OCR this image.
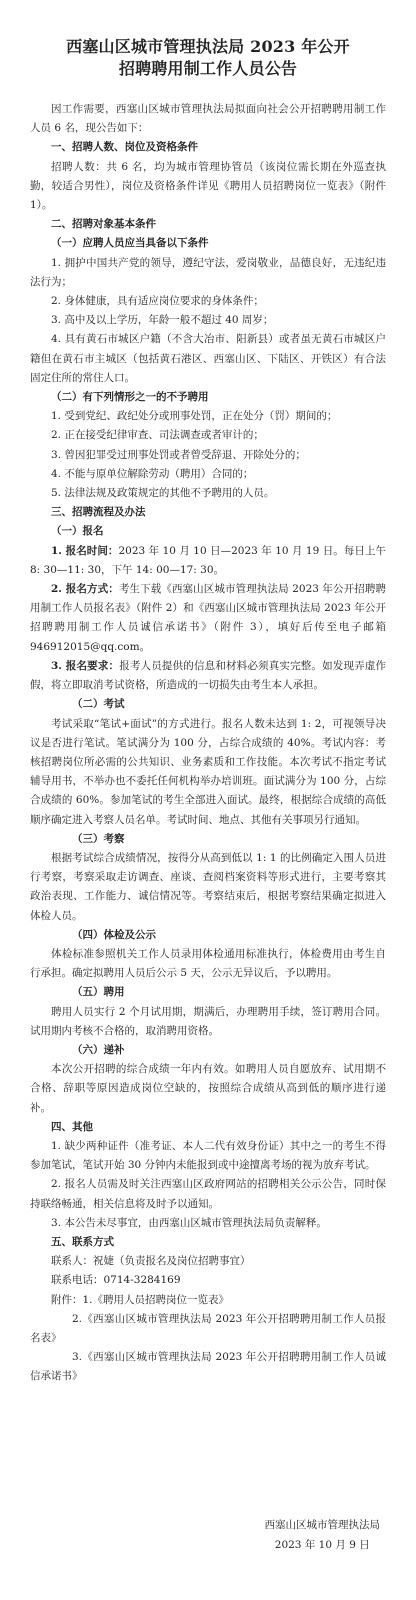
西塞山区城市管理执法局 2023 年公开
招聘聘用制工作人员公告

因工作需要，西塞山区城市管理执法局拟面向社会公开招聘聘用制工作人员 6 名，现公告如下：

一、招聘人数、岗位及资格条件

招聘人数：共 6 名，均为城市管理协管员（该岗位需长期在外巡查执勤，较适合男性），岗位及资格条件详见《聘用人员招聘岗位一览表》（附件 1）。

二、招聘对象基本条件

（一）应聘人员应当具备以下条件

1. 拥护中国共产党的领导，遵纪守法，爱岗敬业，品德良好，无违纪违法行为；

2. 身体健康，具有适应岗位要求的身体条件；

3. 高中及以上学历，年龄一般不超过 40 周岁；

4. 具有黄石市城区户籍（不含大冶市、阳新县）或者虽无黄石市城区户籍但在黄石市主城区（包括黄石港区、西塞山区、下陆区、开铁区）有合法固定住所的常住人口。

（二）有下列情形之一的不予聘用

1. 受到党纪、政纪处分或刑事处罚，正在处分（罚）期间的；

2. 正在接受纪律审查、司法调查或者审计的；

3. 曾因犯罪受过刑事处罚或者曾受辞退、开除处分的；

4. 不能与原单位解除劳动（聘用）合同的；

5. 法律法规及政策规定的其他不予聘用的人员。

三、招聘流程及办法

（一）报名

1. 报名时间：2023 年 10 月 10 日—2023 年 10 月 19 日。每日上午 8: 30—11: 30，下午 14: 00—17: 30。

2. 报名方式：考生下载《西塞山区城市管理执法局 2023 年公开招聘聘用制工作人员报名表》（附件 2）和《西塞山区城市管理执法局 2023 年公开招聘聘用制工作人员诚信承诺书》（附件 3），填好后传至电子邮箱 946912015@qq.com。

3. 报名要求：报考人员提供的信息和材料必须真实完整。如发现弄虚作假，将立即取消考试资格，所造成的一切损失由考生本人承担。

（二）考试

考试采取“笔试+面试”的方式进行。报名人数未达到 1: 2，可视领导决议是否进行笔试。笔试满分为 100 分，占综合成绩的 40%。考试内容：考核招聘岗位所必需的公共知识、业务素质和工作技能。本次考试不指定考试辅导用书，不举办也不委托任何机构举办培训班。面试满分为 100 分，占综合成绩的 60%。参加笔试的考生全部进入面试。最终，根据综合成绩的高低顺序确定进入考察人员名单。考试时间、地点、其他有关事项另行通知。

（三）考察

根据考试综合成绩情况，按得分从高到低以 1: 1 的比例确定入围人员进行考察，考察采取走访调查、座谈、查阅档案资料等形式进行，主要考察其政治表现、工作能力、诚信情况等。考察结束后，根据考察结果确定拟进入体检人员。

（四）体检及公示

体检标准参照机关工作人员录用体检通用标准执行，体检费用由考生自行承担。确定拟聘用人员后公示 5 天，公示无异议后，予以聘用。

（五）聘用

聘用人员实行 2 个月试用期，期满后，办理聘用手续，签订聘用合同。试用期内考核不合格的，取消聘用资格。

（六）递补

本次公开招聘的综合成绩一年内有效。如聘用人员自愿放弃、试用期不合格、辞职等原因造成岗位空缺的，按照综合成绩从高到低的顺序进行递补。

四、其他

1. 缺少两种证件（准考证、本人二代有效身份证）其中之一的考生不得参加笔试，笔试开始 30 分钟内未能报到或中途擅离考场的视为放弃考试。

2. 报名人员需及时关注西塞山区政府网站的招聘相关公示公告，同时保持联络畅通，相关信息将及时予以通知。

3. 本公告未尽事宜，由西塞山区城市管理执法局负责解释。

五、联系方式

联系人：祝婕（负责报名及岗位招聘事宜）

联系电话：0714-3284169

附件：1.《聘用人员招聘岗位一览表》

2.《西塞山区城市管理执法局 2023 年公开招聘聘用制工作人员报名表》

3.《西塞山区城市管理执法局 2023 年公开招聘聘用制工作人员诚信承诺书》

西塞山区城市管理执法局
2023 年 10 月 9 日
